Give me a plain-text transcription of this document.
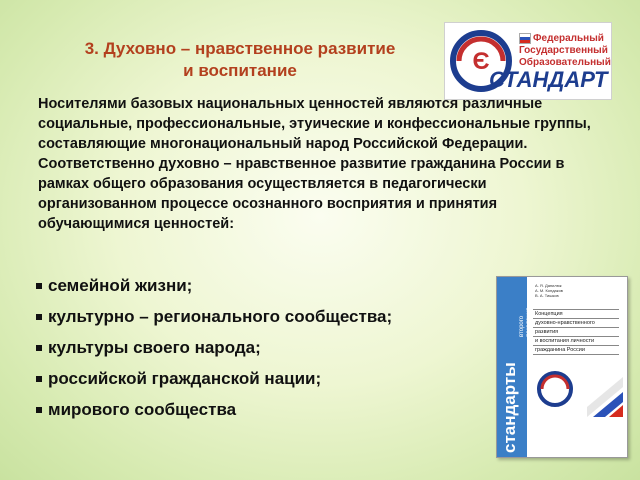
3. Духовно – нравственное развитие
и воспитание	Є
Федеральный
Государственный
Образовательный
СТАНДАРТ
Носителями базовых национальных ценностей являются различные социальные, профессиональные, этуические и конфессиональные группы, составляющие многонациональный народ Российской Федерации. Соответственно духовно – нравственное развитие гражданина России в рамках общего образования осуществляется в педагогически организованном процессе осознанного восприятия и принятия обучающимися ценностей:
семейной жизни;
культурно – регионального сообщества;
культуры своего народа;
российской гражданской нации;
мирового сообщества	стандарты
второго поколения
А. Я. Данилюк
А. М. Кондаков
В. А. Тишков
Концепция
духовно-нравственного
развития
и воспитания личности
гражданина России
